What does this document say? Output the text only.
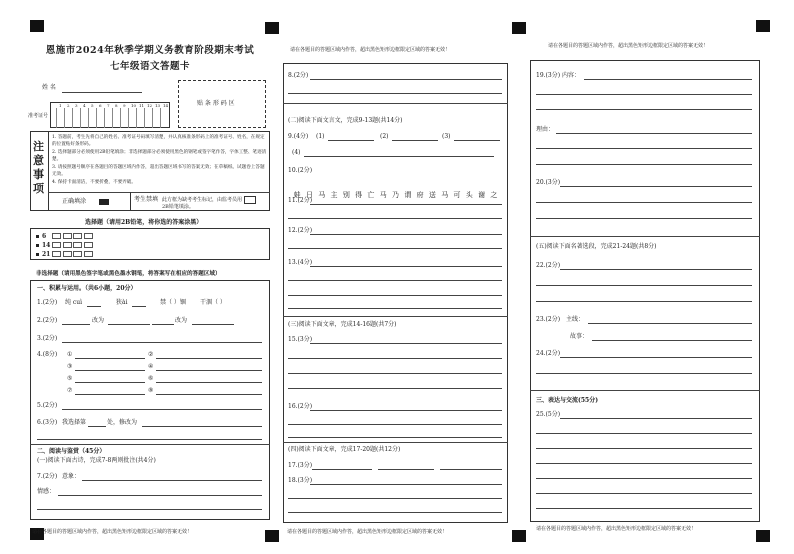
恩施市2024年秋季学期义务教育阶段期末考试
七年级语文答题卡
姓 名
准考证号
1 2 3 4 5 6 7 8 9 10 11 12 13 14	贴 条 形 码 区
注意事项
1. 答题前，考生先将自己的姓名、准考证号码填写清楚，并认真核准条形码上的准考证号、姓名，在规定的位置贴好条形码。
2. 选择题部分必须使用2B铅笔填涂；非选择题部分必须使用黑色的钢笔或签字笔作答，字体工整、笔迹清楚。
3. 请按照题号顺序在各题目的答题区域内作答，超出答题区域书写的答案无效；在草稿纸、试题卷上答题无效。
4. 保持卡面清洁，不要折叠，不要弄破。
正确填涂	考生禁填 此方框为缺考考生标记，由监考员用2B铅笔填涂。
选择题（请用2B铅笔，将你选的答案涂黑）
6
14
21
非选择题（请用黑色签字笔或黑色墨水钢笔，将答案写在相应的答题区域）
一、积累与运用。（共6小题，20分）
1.(2分) 纯 cuì	狭ài	禁（ ）锢 干涸（ ）
2.(2分)	改为	改为
3.(2分)
4.(8分) ①	②
③	④
⑤	⑥
⑦	⑧
5.(2分)
6.(3分) 我选择第	处，修改为
二、阅读与鉴赏（45分）
(一)阅读下面古诗，完成7-8两则批注(共4分)
7.(2分) 意象：
情感：
请在各题目的答题区域内作答，超出黑色矩形边框限定区域的答案无效！
请在各题目的答题区域内作答，超出黑色矩形边框限定区域的答案无效！
8.(2分)
(二)阅读下面文言文，完成9-13题(共14分)
9.(4分) (1)	(2)	(3)
(4)
10.(2分)
蛙 日 马 主 别 得 亡 马 乃 谓 府 送 马 可 头 谢 之
11.(2分)
12.(2分)
13.(4分)
(三)阅读下面文章，完成14-16题(共7分)
15.(3分)
16.(2分)
(四)阅读下面文章，完成17-20题(共12分)
17.(3分)
18.(3分)
请在各题目的答题区域内作答，超出黑色矩形边框限定区域的答案无效！
请在各题目的答题区域内作答，超出黑色矩形边框限定区域的答案无效！
19.(3分) 内容：
理由：
20.(3分)
(五)阅读下面名著选段，完成21-24题(共8分)
22.(2分)
23.(2分) 主线：
故事：
24.(2分)
三、表达与交流(55分)
25.(5分)
请在各题目的答题区域内作答，超出黑色矩形边框限定区域的答案无效！
